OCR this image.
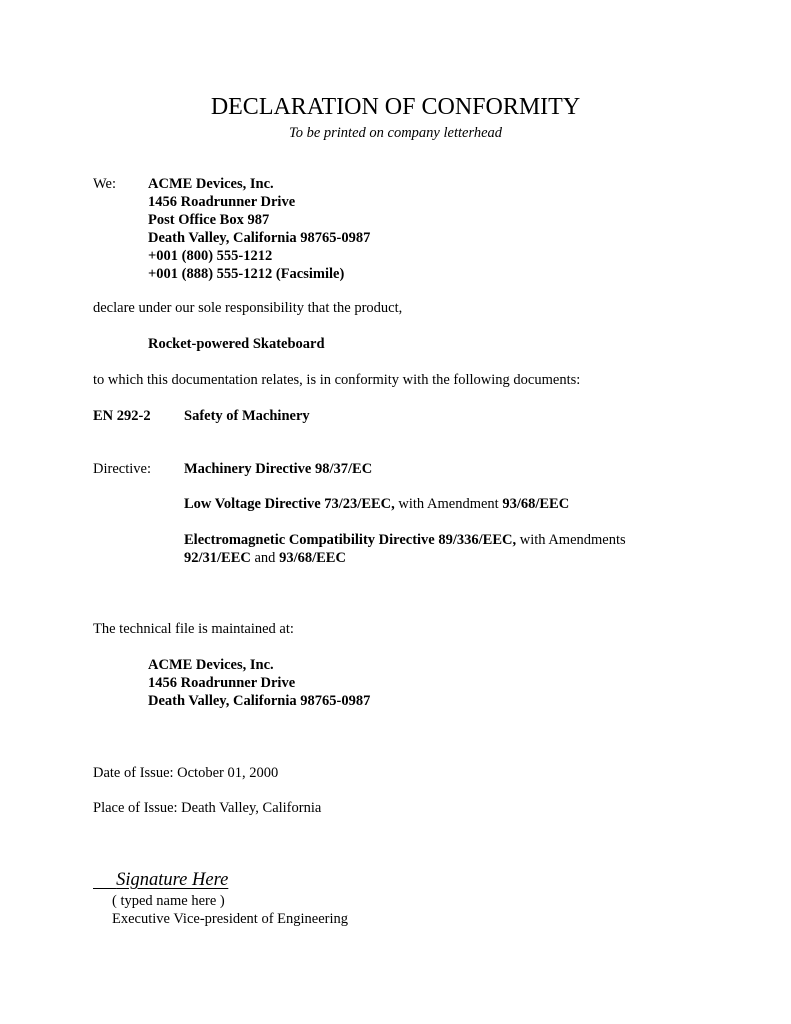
DECLARATION OF CONFORMITY
To be printed on company letterhead
We: ACME Devices, Inc.
1456 Roadrunner Drive
Post Office Box 987
Death Valley, California 98765-0987
+001 (800) 555-1212
+001 (888) 555-1212 (Facsimile)
declare under our sole responsibility that the product,
Rocket-powered Skateboard
to which this documentation relates, is in conformity with the following documents:
EN 292-2 Safety of Machinery
Directive: Machinery Directive 98/37/EC
Low Voltage Directive 73/23/EEC, with Amendment 93/68/EEC
Electromagnetic Compatibility Directive 89/336/EEC, with Amendments
92/31/EEC and 93/68/EEC
The technical file is maintained at:
ACME Devices, Inc.
1456 Roadrunner Drive
Death Valley, California 98765-0987
Date of Issue: October 01, 2000
Place of Issue: Death Valley, California
Signature Here
( typed name here )
Executive Vice-president of Engineering
